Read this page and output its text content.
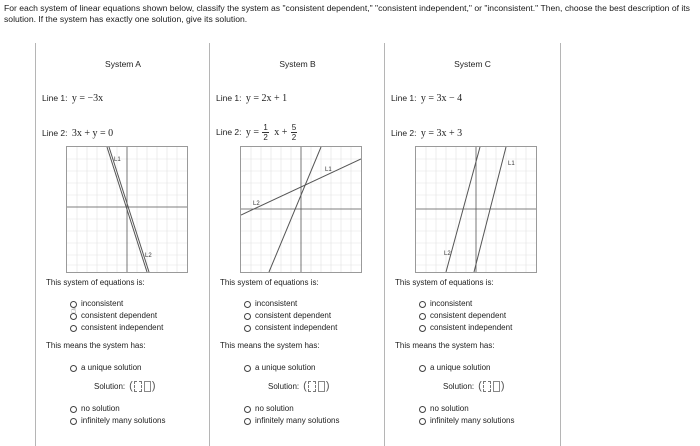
For each system of linear equations shown below, classify the system as "consistent dependent," "consistent independent," or "inconsistent." Then, choose the best description of its solution. If the system has exactly one solution, give its solution.
System A
Line 1: y = −3x
Line 2: 3x + y = 0
L1
L2
This system of equations is:
inconsistent
consistent dependent
consistent independent
☝
This means the system has:
a unique solution
Solution: ( )
no solution
infinitely many solutions
System B
Line 1: y = 2x + 1
Line 2: $y = \frac{1}{2}$ $x + \frac{5}{2}$
L1
L2
This system of equations is:
inconsistent
consistent dependent
consistent independent
This means the system has:
a unique solution
Solution: ( )
no solution
infinitely many solutions
System C
Line 1: y = 3x − 4
Line 2: y = 3x + 3
L1
L2
This system of equations is:
inconsistent
consistent dependent
consistent independent
This means the system has:
a unique solution
Solution: ( )
no solution
infinitely many solutions
